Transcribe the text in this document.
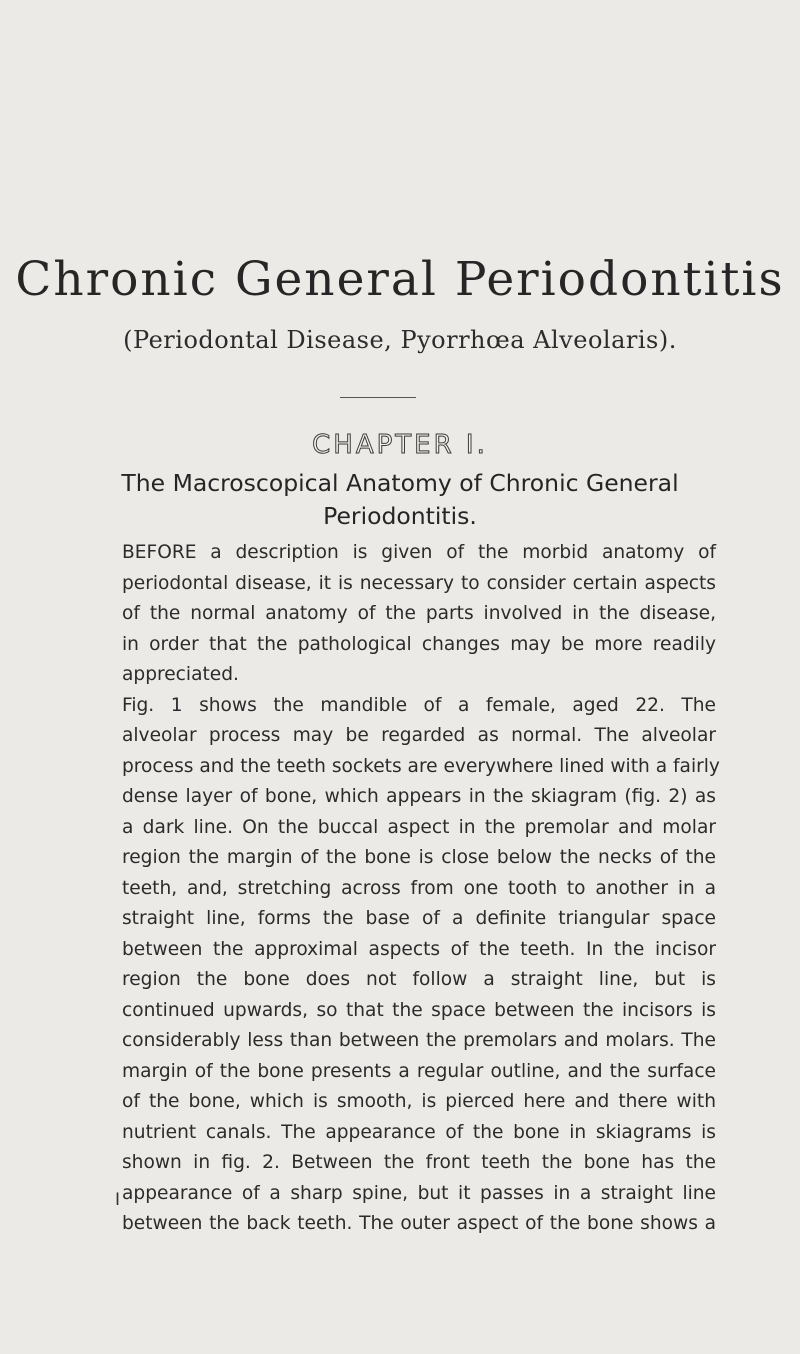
Chronic General Periodontitis
(Periodontal Disease, Pyorrhœa Alveolaris).
CHAPTER I.
The Macroscopical Anatomy of Chronic General
Periodontitis.

BEFORE a description is given of the morbid anatomy of
periodontal disease, it is necessary to consider certain aspects
of the normal anatomy of the parts involved in the disease,
in order that the pathological changes may be more readily
appreciated.

Fig. 1 shows the mandible of a female, aged 22. The
alveolar process may be regarded as normal. The alveolar
process and the teeth sockets are everywhere lined with a fairly
dense layer of bone, which appears in the skiagram (fig. 2) as
a dark line. On the buccal aspect in the premolar and molar
region the margin of the bone is close below the necks of the
teeth, and, stretching across from one tooth to another in a
straight line, forms the base of a definite triangular space
between the approximal aspects of the teeth. In the incisor
region the bone does not follow a straight line, but is
continued upwards, so that the space between the incisors is
considerably less than between the premolars and molars. The
margin of the bone presents a regular outline, and the surface
of the bone, which is smooth, is pierced here and there with
nutrient canals. The appearance of the bone in skiagrams is
shown in fig. 2. Between the front teeth the bone has the
appearance of a sharp spine, but it passes in a straight line
between the back teeth. The outer aspect of the bone shows a

I
